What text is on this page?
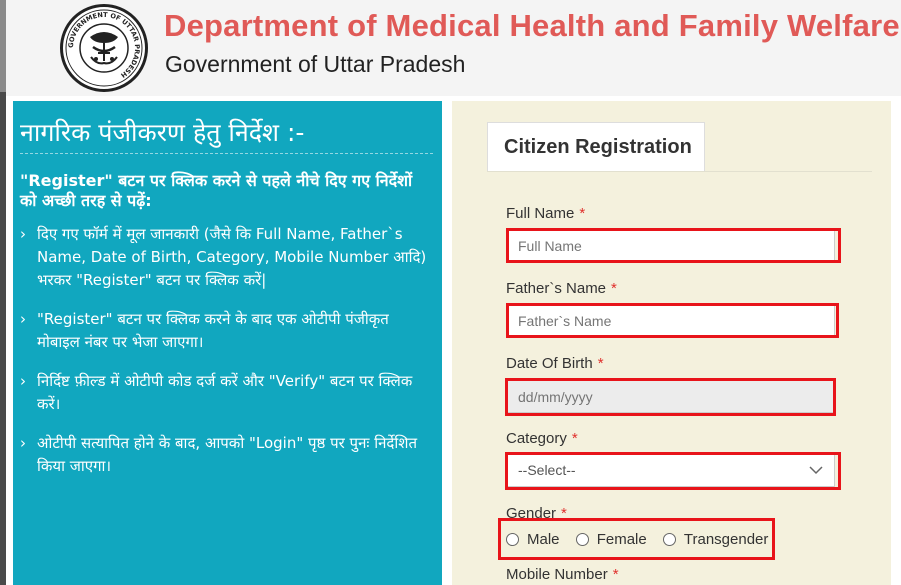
GOVERNMENT OF UTTAR PRADESH
Department of Medical Health and Family Welfare
Government of Uttar Pradesh
नागरिक पंजीकरण हेतु निर्देश :-
"Register" बटन पर क्लिक करने से पहले नीचे दिए गए निर्देशों को अच्छी तरह से पढ़ें:
› दिए गए फॉर्म में मूल जानकारी (जैसे कि Full Name, Father`s Name, Date of Birth, Category, Mobile Number आदि) भरकर "Register" बटन पर क्लिक करें|
› "Register" बटन पर क्लिक करने के बाद एक ओटीपी पंजीकृत मोबाइल नंबर पर भेजा जाएगा।
› निर्दिष्ट फ़ील्ड में ओटीपी कोड दर्ज करें और "Verify" बटन पर क्लिक करें।
› ओटीपी सत्यापित होने के बाद, आपको "Login" पृष्ठ पर पुनः निर्देशित किया जाएगा।
Citizen Registration
Full Name *
Full Name
Father`s Name *
Father`s Name
Date Of Birth *
dd/mm/yyyy
Category *
--Select--
Gender *
Male
Female
Transgender
Mobile Number *
